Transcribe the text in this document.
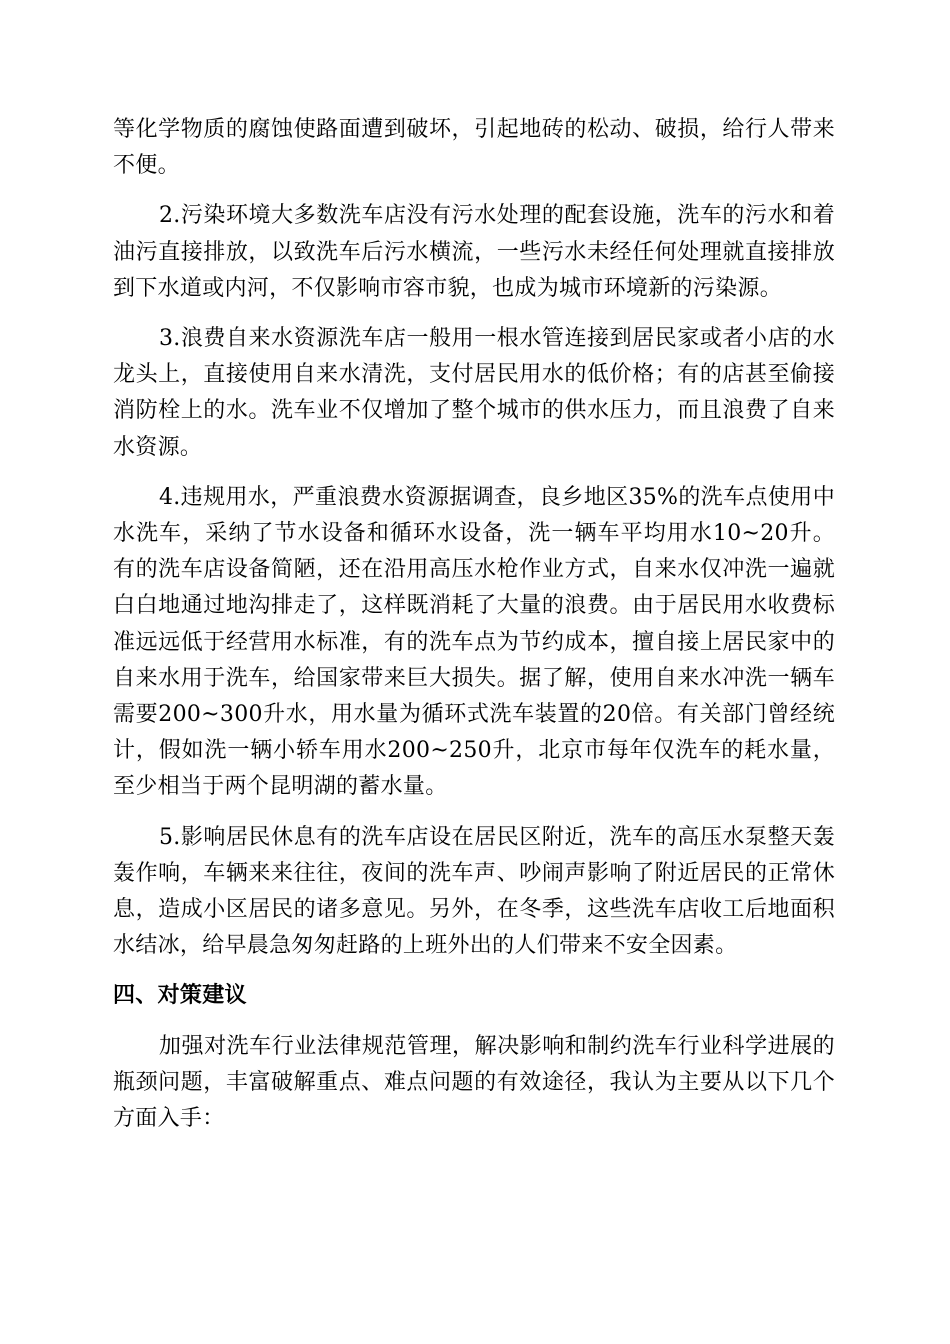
等化学物质的腐蚀使路面遭到破坏，引起地砖的松动、破损，给行人带来不便。

2.污染环境大多数洗车店没有污水处理的配套设施，洗车的污水和着油污直接排放，以致洗车后污水横流，一些污水未经任何处理就直接排放到下水道或内河，不仅影响市容市貌，也成为城市环境新的污染源。

3.浪费自来水资源洗车店一般用一根水管连接到居民家或者小店的水龙头上，直接使用自来水清洗，支付居民用水的低价格；有的店甚至偷接消防栓上的水。洗车业不仅增加了整个城市的供水压力，而且浪费了自来水资源。

4.违规用水，严重浪费水资源据调查，良乡地区35%的洗车点使用中水洗车，采纳了节水设备和循环水设备，洗一辆车平均用水10~20升。有的洗车店设备简陋，还在沿用高压水枪作业方式，自来水仅冲洗一遍就白白地通过地沟排走了，这样既消耗了大量的浪费。由于居民用水收费标准远远低于经营用水标准，有的洗车点为节约成本，擅自接上居民家中的自来水用于洗车，给国家带来巨大损失。据了解，使用自来水冲洗一辆车需要200~300升水，用水量为循环式洗车装置的20倍。有关部门曾经统计，假如洗一辆小轿车用水200~250升，北京市每年仅洗车的耗水量，至少相当于两个昆明湖的蓄水量。

5.影响居民休息有的洗车店设在居民区附近，洗车的高压水泵整天轰轰作响，车辆来来往往，夜间的洗车声、吵闹声影响了附近居民的正常休息，造成小区居民的诸多意见。另外，在冬季，这些洗车店收工后地面积水结冰，给早晨急匆匆赶路的上班外出的人们带来不安全因素。

四、对策建议

加强对洗车行业法律规范管理，解决影响和制约洗车行业科学进展的瓶颈问题，丰富破解重点、难点问题的有效途径，我认为主要从以下几个方面入手：
